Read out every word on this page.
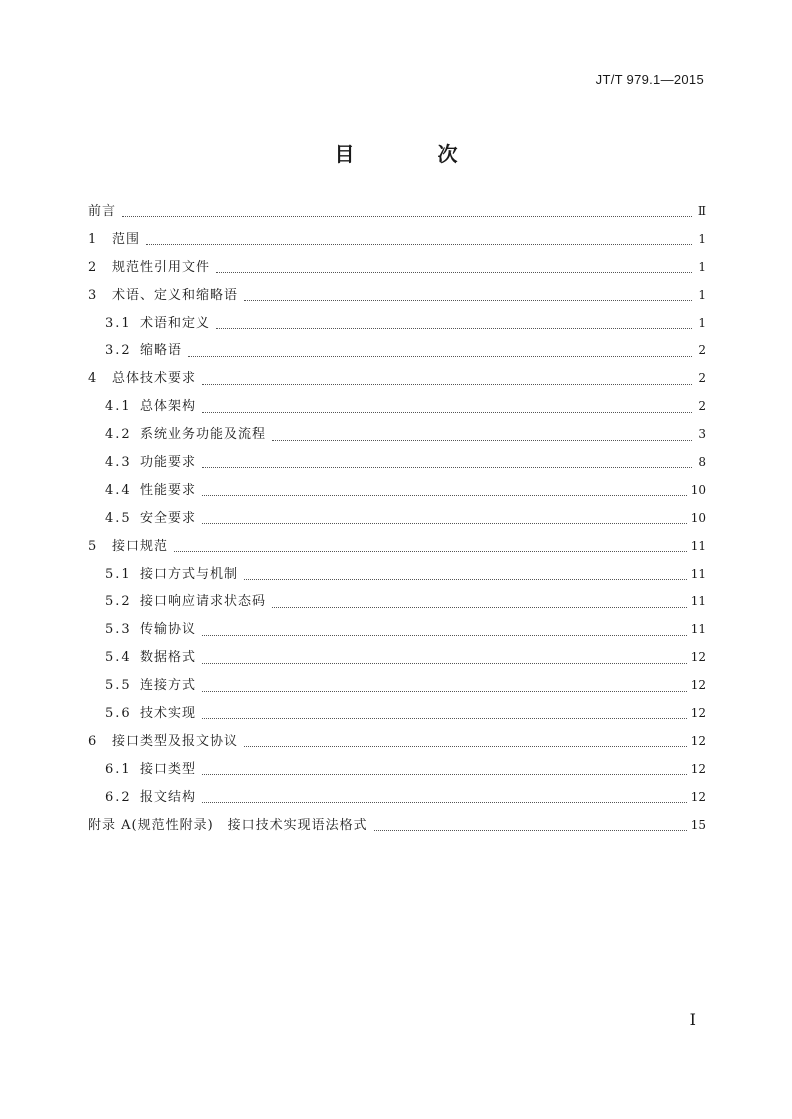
JT/T 979.1—2015
目 次
前言	Ⅱ
1	范围	1
2	规范性引用文件	1
3	术语、定义和缩略语	1
3.1 术语和定义	1
3.2 缩略语	2
4	总体技术要求	2
4.1 总体架构	2
4.2 系统业务功能及流程	3
4.3 功能要求	8
4.4 性能要求	10
4.5 安全要求	10
5	接口规范	11
5.1 接口方式与机制	11
5.2 接口响应请求状态码	11
5.3 传输协议	11
5.4 数据格式	12
5.5 连接方式	12
5.6 技术实现	12
6	接口类型及报文协议	12
6.1 接口类型	12
6.2 报文结构	12
附录 A(规范性附录)　接口技术实现语法格式	15
I
